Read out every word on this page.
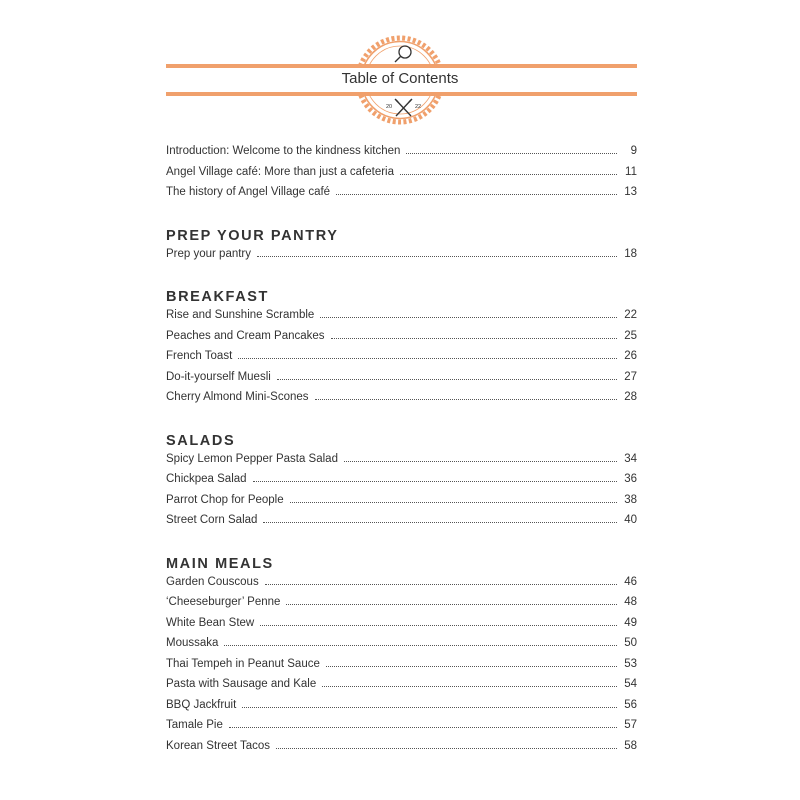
Table of Contents
20	22
Introduction: Welcome to the kindness kitchen	9
Angel Village café: More than just a cafeteria	11
The history of Angel Village café	13
PREP YOUR PANTRY
Prep your pantry	18
BREAKFAST
Rise and Sunshine Scramble	22
Peaches and Cream Pancakes	25
French Toast	26
Do-it-yourself Muesli	27
Cherry Almond Mini-Scones	28
SALADS
Spicy Lemon Pepper Pasta Salad	34
Chickpea Salad	36
Parrot Chop for People	38
Street Corn Salad	40
MAIN MEALS
Garden Couscous	46
‘Cheeseburger’ Penne	48
White Bean Stew	49
Moussaka	50
Thai Tempeh in Peanut Sauce	53
Pasta with Sausage and Kale	54
BBQ Jackfruit	56
Tamale Pie	57
Korean Street Tacos	58
